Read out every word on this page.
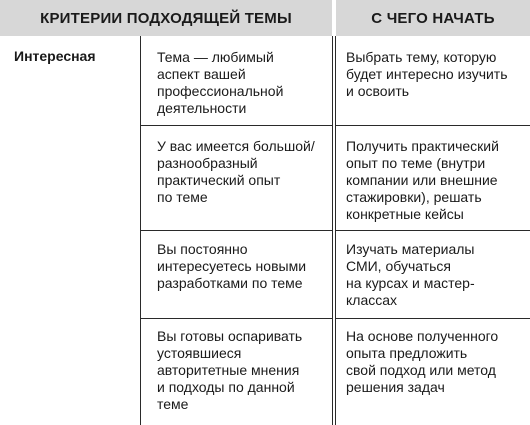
КРИТЕРИИ ПОДХОДЯЩЕЙ ТЕМЫ	С ЧЕГО НАЧАТЬ
Интересная	Тема — любимый
аспект вашей
профессиональной
деятельности
Выбрать тему, которую
будет интересно изучить
и освоить
У вас имеется большой/
разнообразный
практический опыт
по теме
Получить практический
опыт по теме (внутри
компании или внешние
стажировки), решать
конкретные кейсы
Вы постоянно
интересуетесь новыми
разработками по теме
Изучать материалы
СМИ, обучаться
на курсах и мастер-
классах
Вы готовы оспаривать
устоявшиеся
авторитетные мнения
и подходы по данной
теме
На основе полученного
опыта предложить
свой подход или метод
решения задач
